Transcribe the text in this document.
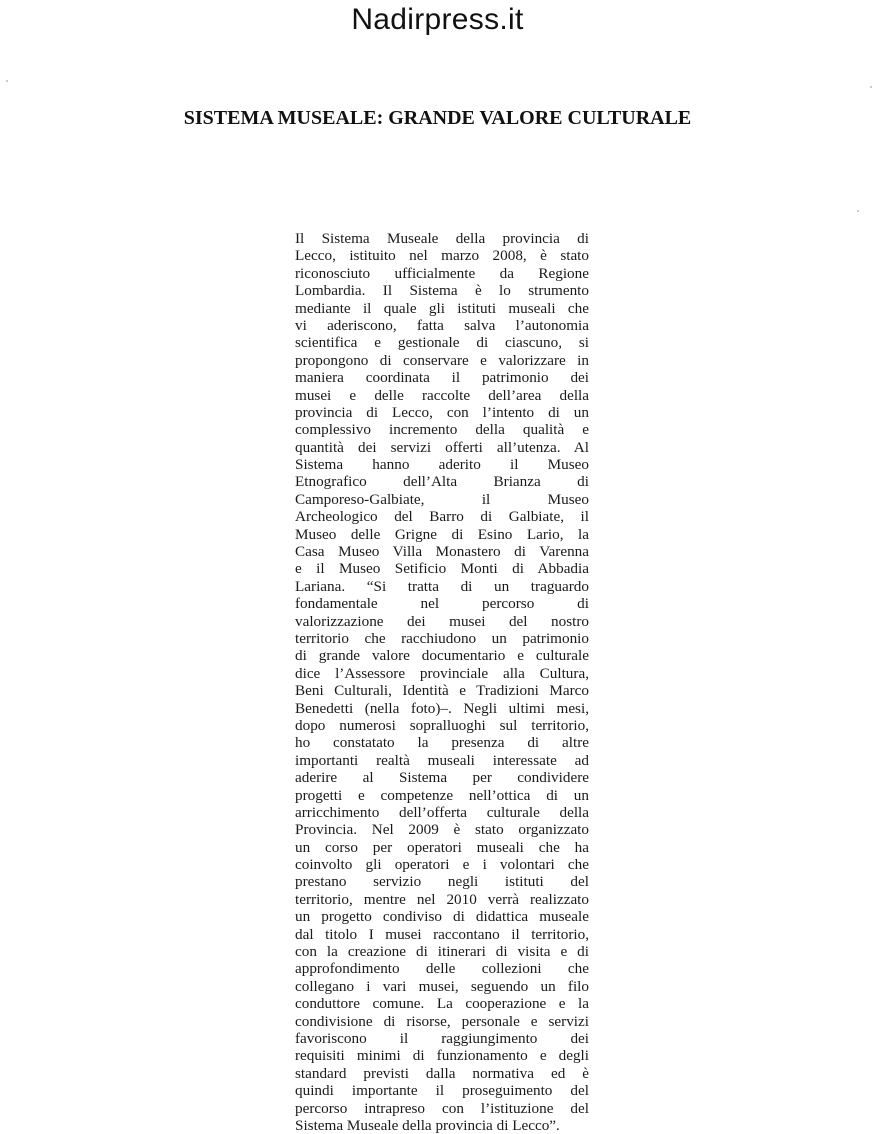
Nadirpress.it
SISTEMA MUSEALE: GRANDE VALORE CULTURALE
Il Sistema Museale della provincia di
Lecco, istituito nel marzo 2008, è stato
riconosciuto ufficialmente da Regione
Lombardia. Il Sistema è lo strumento
mediante il quale gli istituti museali che
vi aderiscono, fatta salva l’autonomia
scientifica e gestionale di ciascuno, si
propongono di conservare e valorizzare in
maniera coordinata il patrimonio dei
musei e delle raccolte dell’area della
provincia di Lecco, con l’intento di un
complessivo incremento della qualità e
quantità dei servizi offerti all’utenza. Al
Sistema hanno aderito il Museo
Etnografico dell’Alta Brianza di
Camporeso-Galbiate, il Museo
Archeologico del Barro di Galbiate, il
Museo delle Grigne di Esino Lario, la
Casa Museo Villa Monastero di Varenna
e il Museo Setificio Monti di Abbadia
Lariana. “Si tratta di un traguardo
fondamentale nel percorso di
valorizzazione dei musei del nostro
territorio che racchiudono un patrimonio
di grande valore documentario e culturale
dice l’Assessore provinciale alla Cultura,
Beni Culturali, Identità e Tradizioni Marco
Benedetti (nella foto)–. Negli ultimi mesi,
dopo numerosi sopralluoghi sul territorio,
ho constatato la presenza di altre
importanti realtà museali interessate ad
aderire al Sistema per condividere
progetti e competenze nell’ottica di un
arricchimento dell’offerta culturale della
Provincia. Nel 2009 è stato organizzato
un corso per operatori museali che ha
coinvolto gli operatori e i volontari che
prestano servizio negli istituti del
territorio, mentre nel 2010 verrà realizzato
un progetto condiviso di didattica museale
dal titolo I musei raccontano il territorio,
con la creazione di itinerari di visita e di
approfondimento delle collezioni che
collegano i vari musei, seguendo un filo
conduttore comune. La cooperazione e la
condivisione di risorse, personale e servizi
favoriscono il raggiungimento dei
requisiti minimi di funzionamento e degli
standard previsti dalla normativa ed è
quindi importante il proseguimento del
percorso intrapreso con l’istituzione del
Sistema Museale della provincia di Lecco”.
